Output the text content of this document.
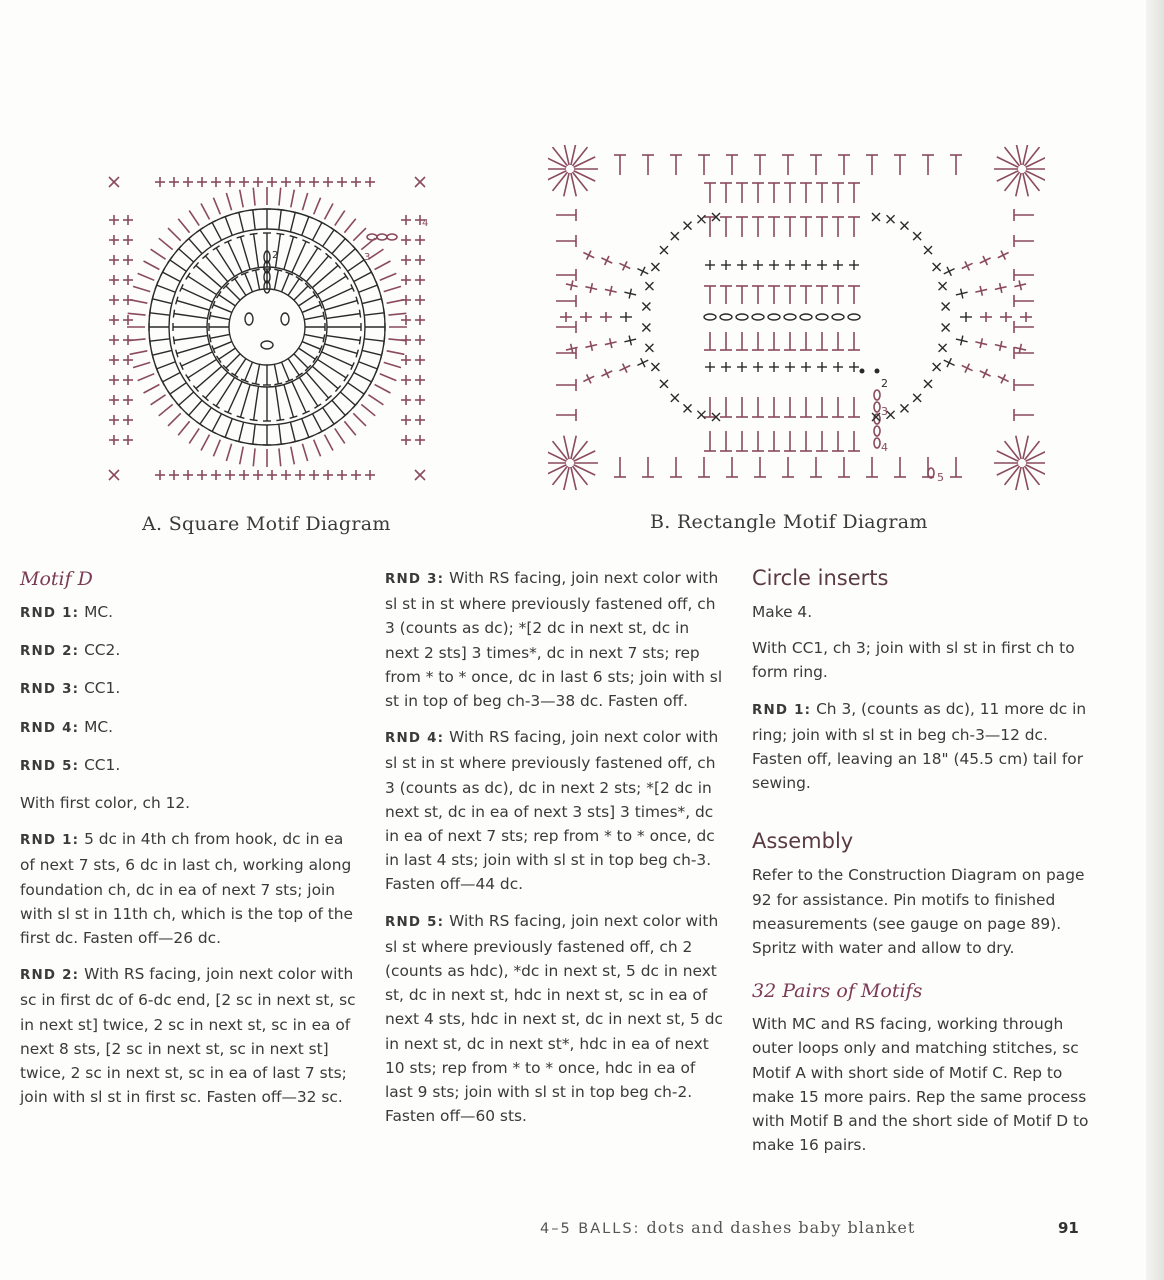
2	3
4
2
3
4
5
A. Square Motif Diagram	B. Rectangle Motif Diagram
Motif D

RND 1: MC.

RND 2: CC2.

RND 3: CC1.

RND 4: MC.

RND 5: CC1.

With first color, ch 12.

RND 1: 5 dc in 4th ch from hook, dc in ea of next 7 sts, 6 dc in last ch, working along foundation ch, dc in ea of next 7 sts; join with sl st in 11th ch, which is the top of the first dc. Fasten off—26 dc.

RND 2: With RS facing, join next color with sc in first dc of 6-dc end, [2 sc in next st, sc in next st] twice, 2 sc in next st, sc in ea of next 8 sts, [2 sc in next st, sc in next st] twice, 2 sc in next st, sc in ea of last 7 sts; join with sl st in first sc. Fasten off—32 sc.

RND 3: With RS facing, join next color with sl st in st where previously fastened off, ch 3 (counts as dc); *[2 dc in next st, dc in next 2 sts] 3 times*, dc in next 7 sts; rep from * to * once, dc in last 6 sts; join with sl st in top of beg ch-3—38 dc. Fasten off.

RND 4: With RS facing, join next color with sl st in st where previously fastened off, ch 3 (counts as dc), dc in next 2 sts; *[2 dc in next st, dc in ea of next 3 sts] 3 times*, dc in ea of next 7 sts; rep from * to * once, dc in last 4 sts; join with sl st in top beg ch-3. Fasten off—44 dc.

RND 5: With RS facing, join next color with sl st where previously fastened off, ch 2 (counts as hdc), *dc in next st, 5 dc in next st, dc in next st, hdc in next st, sc in ea of next 4 sts, hdc in next st, dc in next st, 5 dc in next st, dc in next st*, hdc in ea of next 10 sts; rep from * to * once, hdc in ea of last 9 sts; join with sl st in top beg ch-2. Fasten off—60 sts.

Circle inserts

Make 4.

With CC1, ch 3; join with sl st in first ch to form ring.

RND 1: Ch 3, (counts as dc), 11 more dc in ring; join with sl st in beg ch-3—12 dc. Fasten off, leaving an 18" (45.5 cm) tail for sewing.

Assembly

Refer to the Construction Diagram on page 92 for assistance. Pin motifs to finished measurements (see gauge on page 89). Spritz with water and allow to dry.

32 Pairs of Motifs

With MC and RS facing, working through outer loops only and matching stitches, sc Motif A with short side of Motif C. Rep to make 15 more pairs. Rep the same process with Motif B and the short side of Motif D to make 16 pairs.

4–5 BALLS: dots and dashes baby blanket	91
